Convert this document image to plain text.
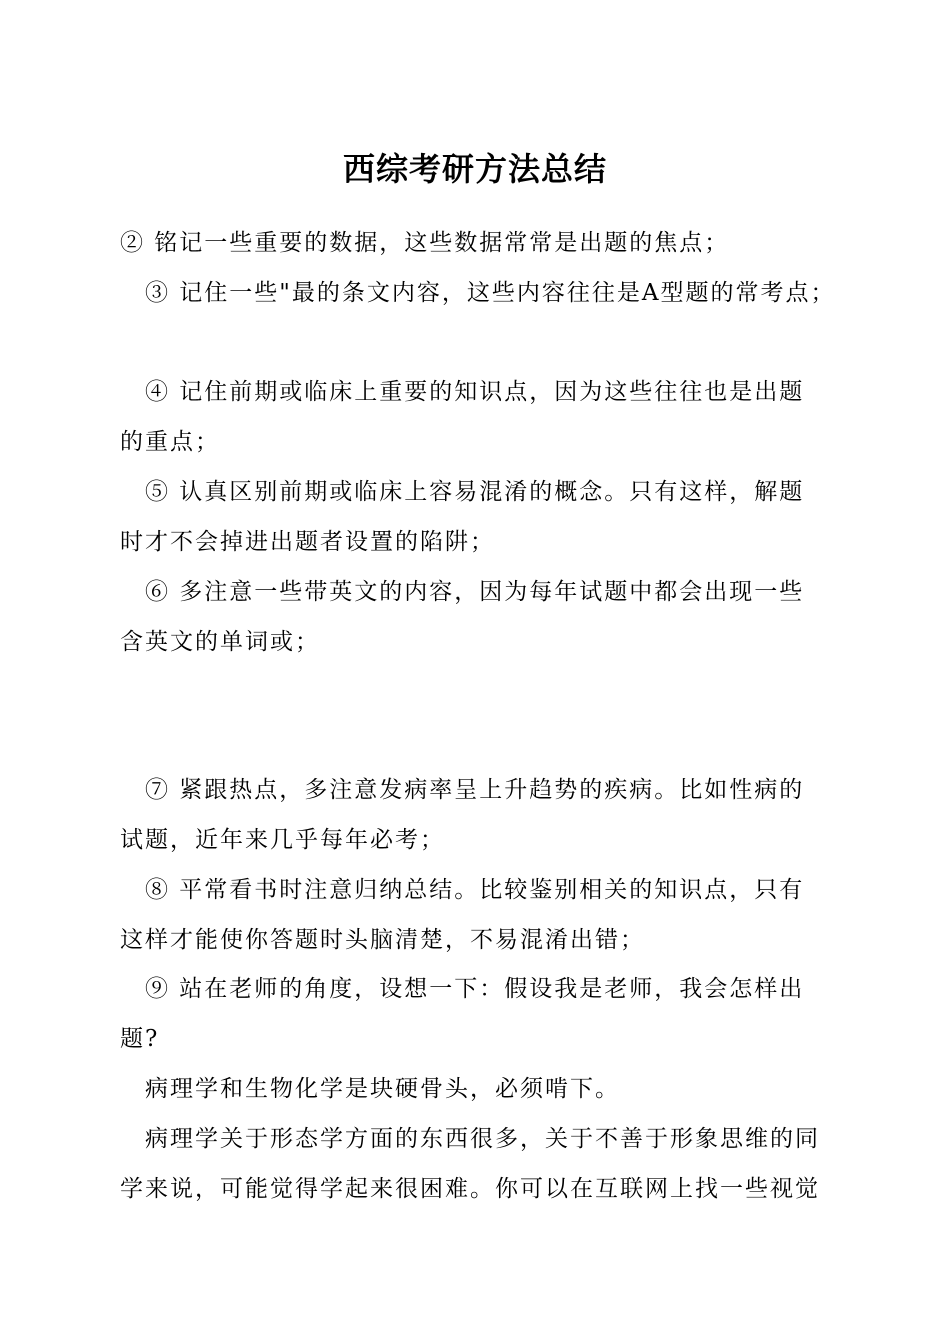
西综考研方法总结
② 铭记一些重要的数据，这些数据常常是出题的焦点；
③ 记住一些"最的条文内容，这些内容往往是A型题的常考点；
④ 记住前期或临床上重要的知识点，因为这些往往也是出题
的重点；
⑤ 认真区别前期或临床上容易混淆的概念。只有这样，解题
时才不会掉进出题者设置的陷阱；
⑥ 多注意一些带英文的内容，因为每年试题中都会出现一些
含英文的单词或；
⑦ 紧跟热点，多注意发病率呈上升趋势的疾病。比如性病的
试题，近年来几乎每年必考；
⑧ 平常看书时注意归纳总结。比较鉴别相关的知识点，只有
这样才能使你答题时头脑清楚，不易混淆出错；
⑨ 站在老师的角度，设想一下：假设我是老师，我会怎样出
题?
病理学和生物化学是块硬骨头，必须啃下。
病理学关于形态学方面的东西很多，关于不善于形象思维的同
学来说，可能觉得学起来很困难。你可以在互联网上找一些视觉
